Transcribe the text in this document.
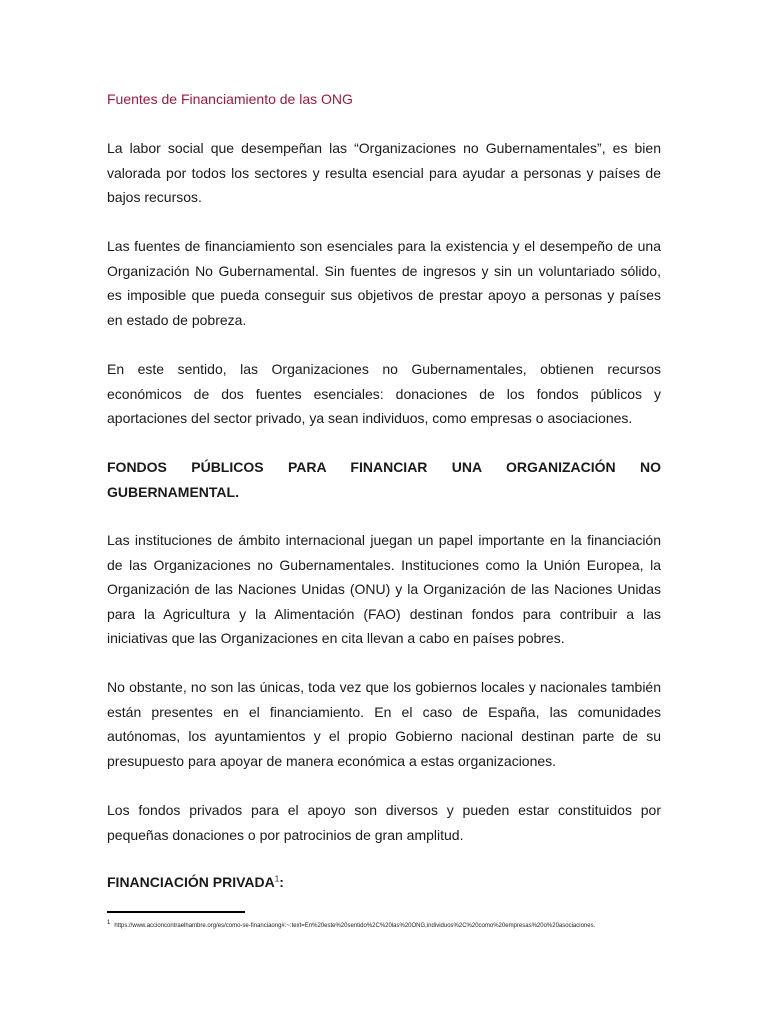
Fuentes de Financiamiento de las ONG

La labor social que desempeñan las “Organizaciones no Gubernamentales”, es bien valorada por todos los sectores y resulta esencial para ayudar a personas y países de bajos recursos.

Las fuentes de financiamiento son esenciales para la existencia y el desempeño de una Organización No Gubernamental. Sin fuentes de ingresos y sin un voluntariado sólido, es imposible que pueda conseguir sus objetivos de prestar apoyo a personas y países en estado de pobreza.

En este sentido, las Organizaciones no Gubernamentales, obtienen recursos económicos de dos fuentes esenciales: donaciones de los fondos públicos y aportaciones del sector privado, ya sean individuos, como empresas o asociaciones.

FONDOS PÚBLICOS PARA FINANCIAR UNA ORGANIZACIÓN NO
GUBERNAMENTAL.

Las instituciones de ámbito internacional juegan un papel importante en la financiación de las Organizaciones no Gubernamentales. Instituciones como la Unión Europea, la Organización de las Naciones Unidas (ONU) y la Organización de las Naciones Unidas para la Agricultura y la Alimentación (FAO) destinan fondos para contribuir a las iniciativas que las Organizaciones en cita llevan a cabo en países pobres.

No obstante, no son las únicas, toda vez que los gobiernos locales y nacionales también están presentes en el financiamiento. En el caso de España, las comunidades autónomas, los ayuntamientos y el propio Gobierno nacional destinan parte de su presupuesto para apoyar de manera económica a estas organizaciones.

Los fondos privados para el apoyo son diversos y pueden estar constituidos por pequeñas donaciones o por patrocinios de gran amplitud.

FINANCIACIÓN PRIVADA$^1$:
1 https://www.accioncontraelhambre.org/es/como-se-financiaong#:~:text=En%20este%20sentido%2C%20las%20ONG,individuos%2C%20como%20empresas%20o%20asociaciones.
